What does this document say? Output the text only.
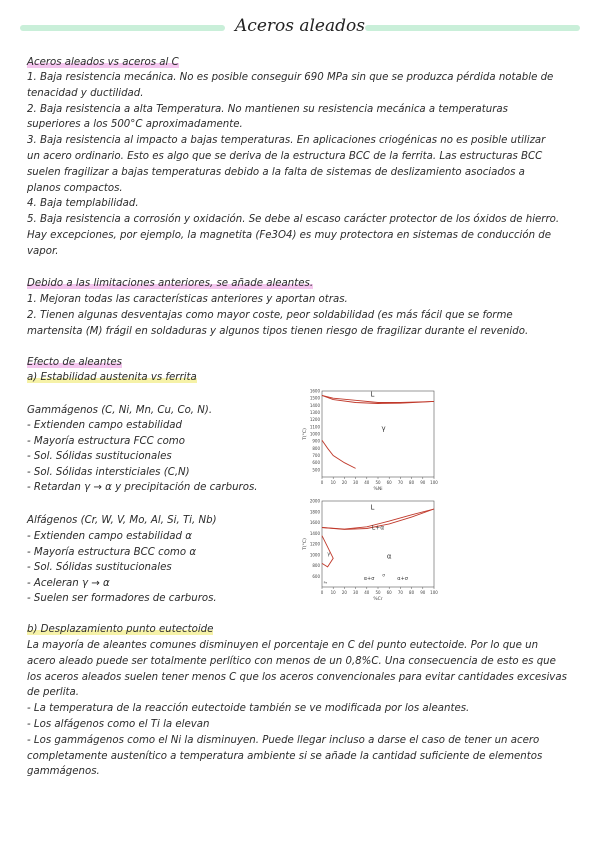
Aceros aleados
Aceros aleados vs aceros al C
1. Baja resistencia mecánica. No es posible conseguir 690 MPa sin que se produzca pérdida notable de
tenacidad y ductilidad.
2. Baja resistencia a alta Temperatura. No mantienen su resistencia mecánica a temperaturas
superiores a los 500°C aproximadamente.
3. Baja resistencia al impacto a bajas temperaturas. En aplicaciones criogénicas no es posible utilizar
un acero ordinario. Esto es algo que se deriva de la estructura BCC de la ferrita. Las estructuras BCC
suelen fragilizar a bajas temperaturas debido a la falta de sistemas de deslizamiento asociados a
planos compactos.
4. Baja templabilidad.
5. Baja resistencia a corrosión y oxidación. Se debe al escaso carácter protector de los óxidos de hierro.
Hay excepciones, por ejemplo, la magnetita (Fe3O4) es muy protectora en sistemas de conducción de
vapor.
Debido a las limitaciones anteriores, se añade aleantes.
1. Mejoran todas las características anteriores y aportan otras.
2. Tienen algunas desventajas como mayor coste, peor soldabilidad (es más fácil que se forme
martensita (M) frágil en soldaduras y algunos tipos tienen riesgo de fragilizar durante el revenido.
Efecto de aleantes
a) Estabilidad austenita vs ferrita
Gammágenos (C, Ni, Mn, Cu, Co, N).
- Extienden campo estabilidad
- Mayoría estructura FCC como
- Sol. Sólidas sustitucionales
- Sol. Sólidas intersticiales (C,N)
- Retardan γ → α y precipitación de carburos.
Alfágenos (Cr, W, V, Mo, Al, Si, Ti, Nb)
- Extienden campo estabilidad α
- Mayoría estructura BCC como α
- Sol. Sólidas sustitucionales
- Aceleran γ → α
- Suelen ser formadores de carburos.
0 10 20 30 40 50 60 70 80 90 100
500
600
700
800
900
1000
1100
1200
1300
1400
1500
1600
%Ni
T(°C)
L
γ
0 10 20 30 40 50 60 70 80 90 100
600
800
1000
1200
1400
1600
1800
2000
%Cr
T(°C)
L
L+α
α
γ
α+σ	α+σ
σ
Fe
b) Desplazamiento punto eutectoide
La mayoría de aleantes comunes disminuyen el porcentaje en C del punto eutectoide. Por lo que un
acero aleado puede ser totalmente perlítico con menos de un 0,8%C. Una consecuencia de esto es que
los aceros aleados suelen tener menos C que los aceros convencionales para evitar cantidades excesivas
de perlita.
- La temperatura de la reacción eutectoide también se ve modificada por los aleantes.
- Los alfágenos como el Ti la elevan
- Los gammágenos como el Ni la disminuyen. Puede llegar incluso a darse el caso de tener un acero
completamente austenítico a temperatura ambiente si se añade la cantidad suficiente de elementos
gammágenos.
